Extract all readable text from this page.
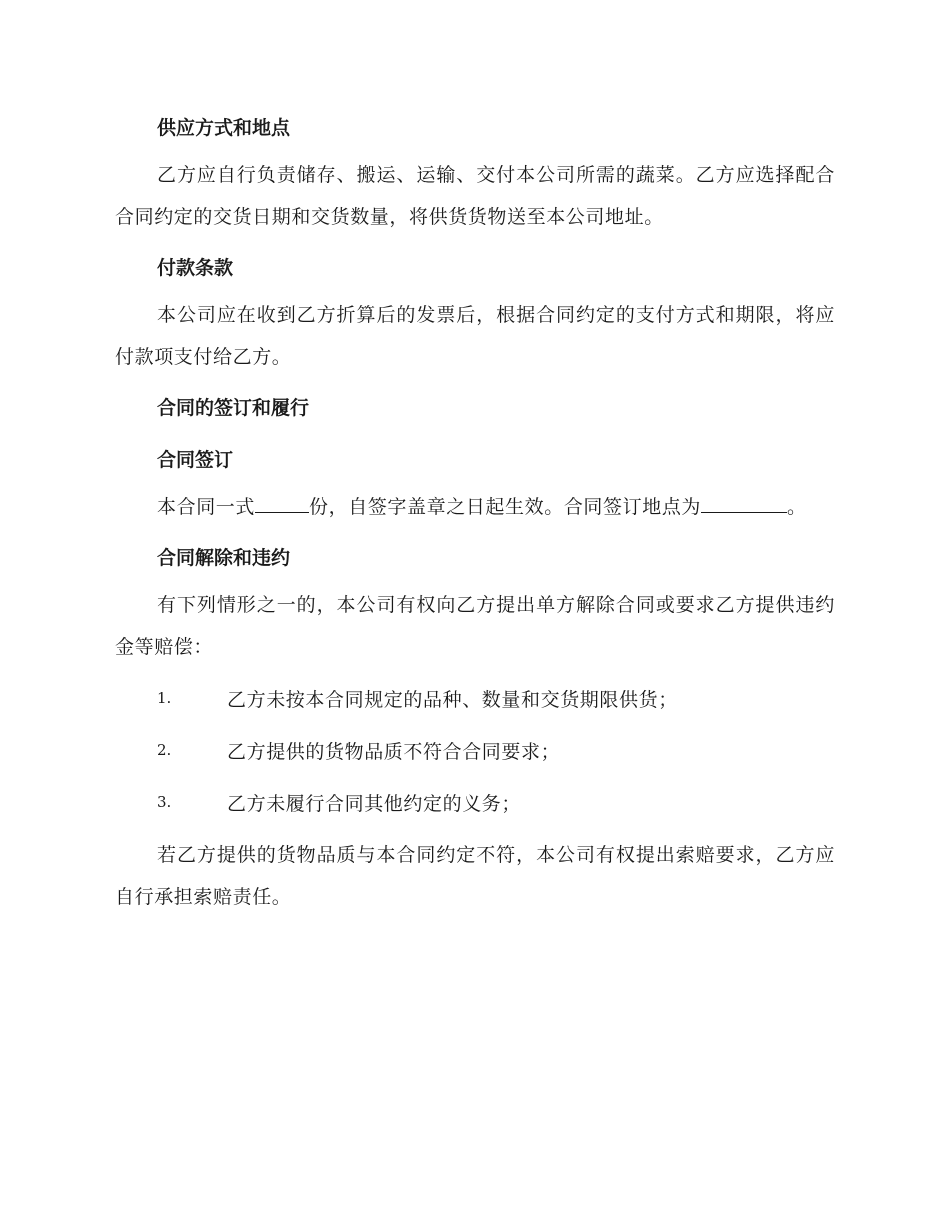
供应方式和地点

乙方应自行负责储存、搬运、运输、交付本公司所需的蔬菜。乙方应选择配合合同约定的交货日期和交货数量，将供货货物送至本公司地址。

付款条款

本公司应在收到乙方折算后的发票后，根据合同约定的支付方式和期限，将应付款项支付给乙方。

合同的签订和履行

合同签订

本合同一式	份，自签字盖章之日起生效。合同签订地点为	。

合同解除和违约

有下列情形之一的，本公司有权向乙方提出单方解除合同或要求乙方提供违约金等赔偿：

1.	乙方未按本合同规定的品种、数量和交货期限供货；
2.	乙方提供的货物品质不符合合同要求；
3.	乙方未履行合同其他约定的义务；

若乙方提供的货物品质与本合同约定不符，本公司有权提出索赔要求，乙方应自行承担索赔责任。
